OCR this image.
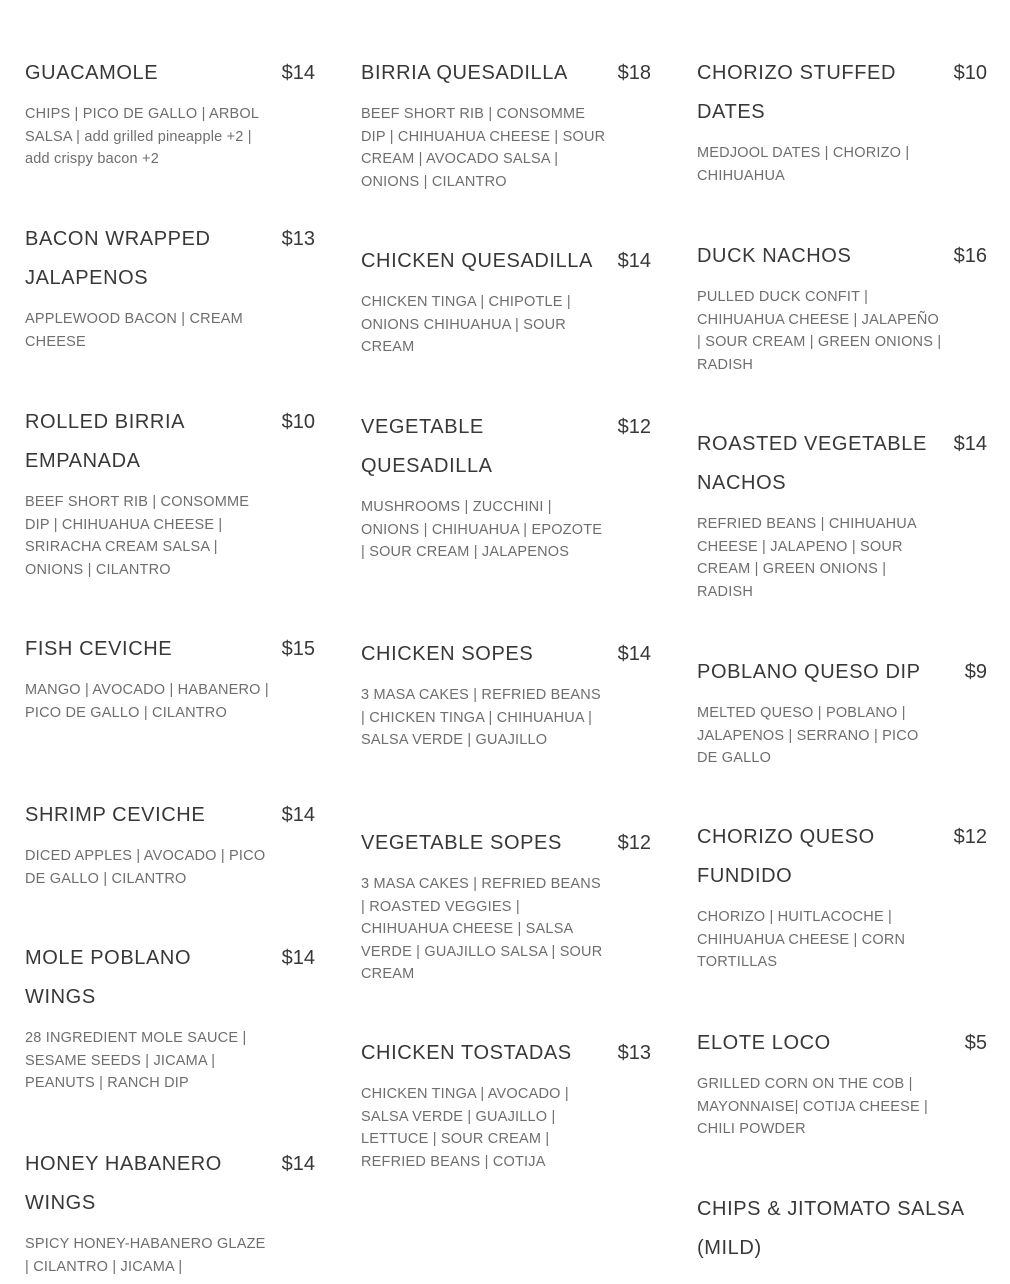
GUACAMOLE	$14
CHIPS | PICO DE GALLO | ARBOL SALSA | add grilled pineapple +2 | add crispy bacon +2
BACON WRAPPED JALAPENOS
$13
APPLEWOOD BACON | CREAM CHEESE
ROLLED BIRRIA EMPANADA
$10
BEEF SHORT RIB | CONSOMME DIP | CHIHUAHUA CHEESE | SRIRACHA CREAM SALSA | ONIONS | CILANTRO
FISH CEVICHE	$15
MANGO | AVOCADO | HABANERO | PICO DE GALLO | CILANTRO
SHRIMP CEVICHE	$14
DICED APPLES | AVOCADO | PICO DE GALLO | CILANTRO
MOLE POBLANO WINGS
$14
28 INGREDIENT MOLE SAUCE | SESAME SEEDS | JICAMA | PEANUTS | RANCH DIP
HONEY HABANERO WINGS
$14
SPICY HONEY-HABANERO GLAZE | CILANTRO | JICAMA |
BIRRIA QUESADILLA	$18
BEEF SHORT RIB | CONSOMME DIP | CHIHUAHUA CHEESE | SOUR CREAM | AVOCADO SALSA | ONIONS | CILANTRO
CHICKEN QUESADILLA	$14
CHICKEN TINGA | CHIPOTLE | ONIONS CHIHUAHUA | SOUR CREAM
VEGETABLE QUESADILLA
$12
MUSHROOMS | ZUCCHINI | ONIONS | CHIHUAHUA | EPOZOTE | SOUR CREAM | JALAPENOS
CHICKEN SOPES	$14
3 MASA CAKES | REFRIED BEANS | CHICKEN TINGA | CHIHUAHUA | SALSA VERDE | GUAJILLO
VEGETABLE SOPES	$12
3 MASA CAKES | REFRIED BEANS | ROASTED VEGGIES | CHIHUAHUA CHEESE | SALSA VERDE | GUAJILLO SALSA | SOUR CREAM
CHICKEN TOSTADAS	$13
CHICKEN TINGA | AVOCADO | SALSA VERDE | GUAJILLO | LETTUCE | SOUR CREAM | REFRIED BEANS | COTIJA
CHORIZO STUFFED DATES
$10
MEDJOOL DATES | CHORIZO | CHIHUAHUA
DUCK NACHOS	$16
PULLED DUCK CONFIT | CHIHUAHUA CHEESE | JALAPEÑO | SOUR CREAM | GREEN ONIONS | RADISH
ROASTED VEGETABLE NACHOS
$14
REFRIED BEANS | CHIHUAHUA CHEESE | JALAPENO | SOUR CREAM | GREEN ONIONS | RADISH
POBLANO QUESO DIP	$9
MELTED QUESO | POBLANO | JALAPENOS | SERRANO | PICO DE GALLO
CHORIZO QUESO FUNDIDO
$12
CHORIZO | HUITLACOCHE | CHIHUAHUA CHEESE | CORN TORTILLAS
ELOTE LOCO	$5
GRILLED CORN ON THE COB | MAYONNAISE| COTIJA CHEESE | CHILI POWDER
CHIPS & JITOMATO SALSA (MILD)
